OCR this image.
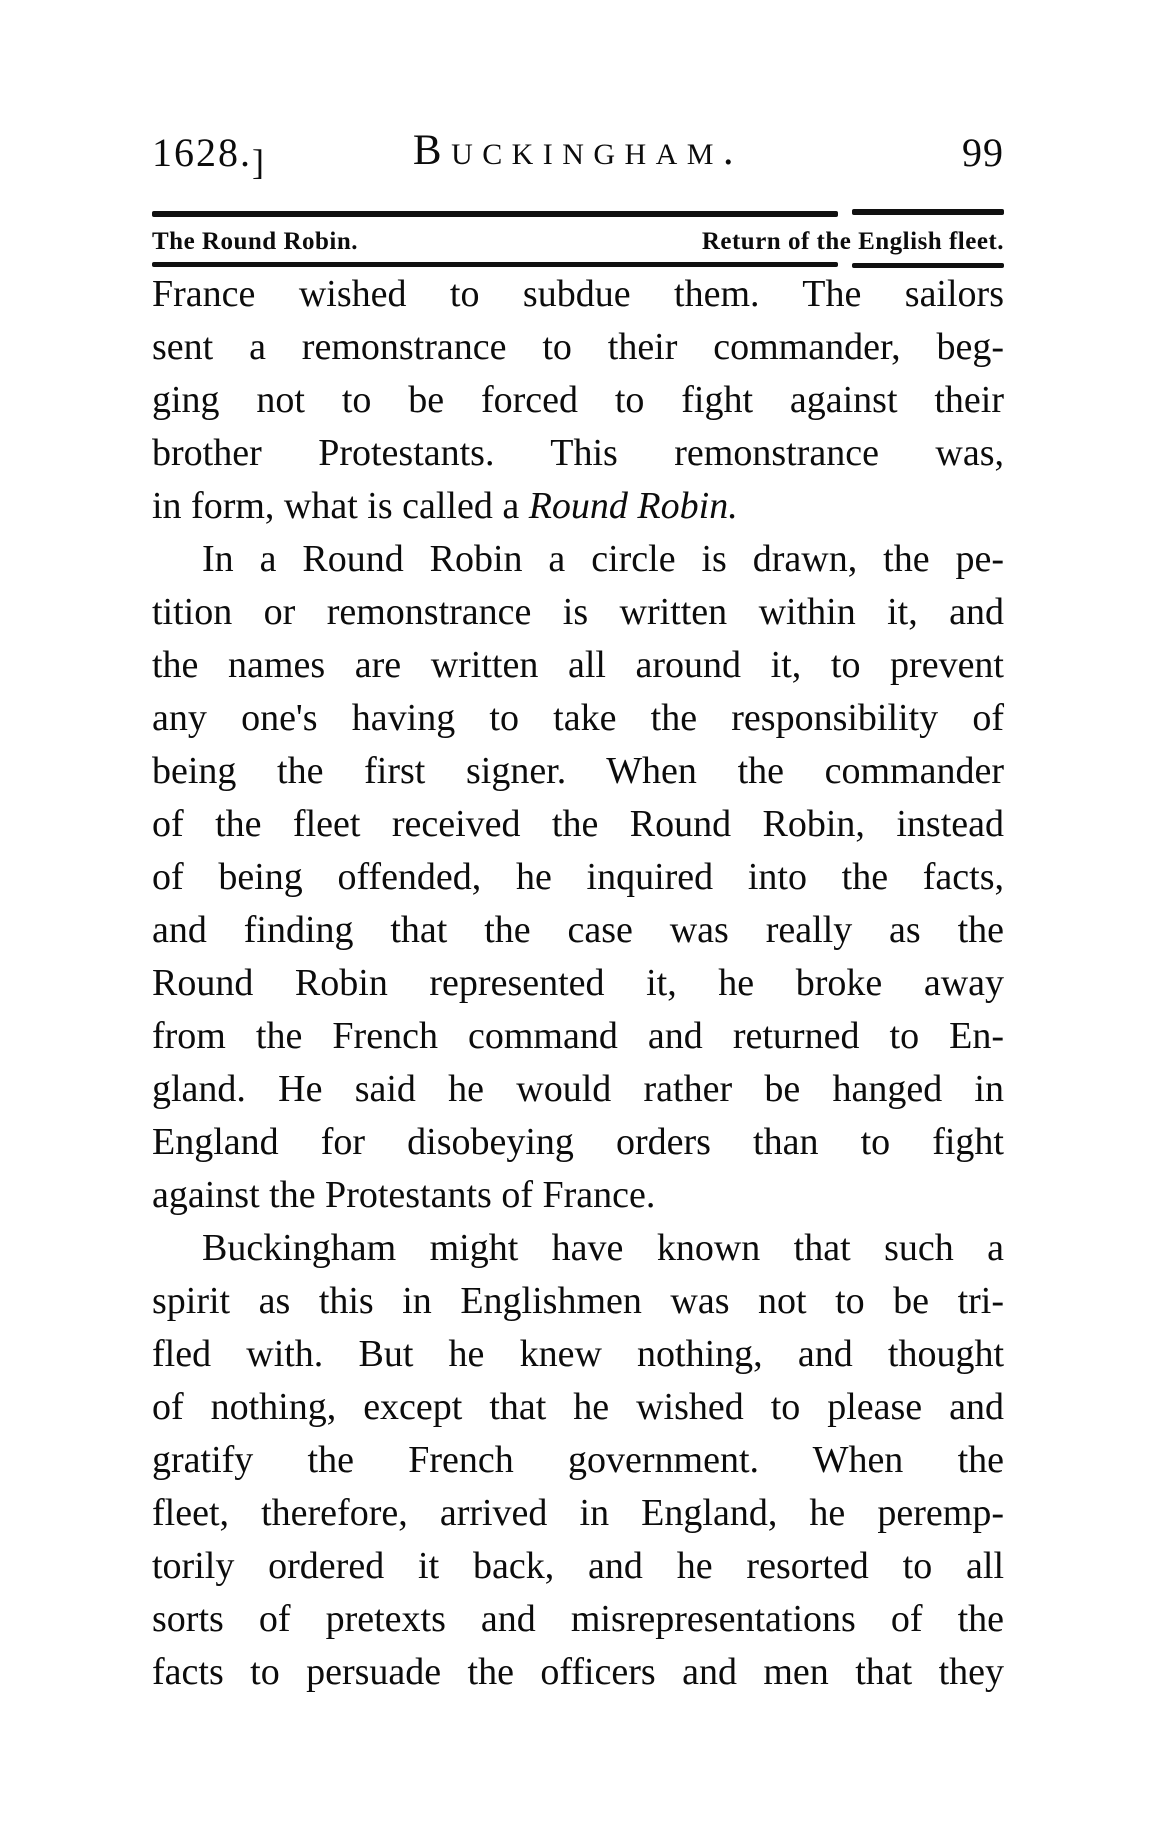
1628.]	Buckingham.	99
The Round Robin.	Return of the English fleet.
France wished to subdue them. The sailors
sent a remonstrance to their commander, beg-
ging not to be forced to fight against their
brother Protestants. This remonstrance was,
in form, what is called a Round Robin.
In a Round Robin a circle is drawn, the pe-
tition or remonstrance is written within it, and
the names are written all around it, to prevent
any one's having to take the responsibility of
being the first signer. When the commander
of the fleet received the Round Robin, instead
of being offended, he inquired into the facts,
and finding that the case was really as the
Round Robin represented it, he broke away
from the French command and returned to En-
gland. He said he would rather be hanged in
England for disobeying orders than to fight
against the Protestants of France.
Buckingham might have known that such a
spirit as this in Englishmen was not to be tri-
fled with. But he knew nothing, and thought
of nothing, except that he wished to please and
gratify the French government. When the
fleet, therefore, arrived in England, he peremp-
torily ordered it back, and he resorted to all
sorts of pretexts and misrepresentations of the
facts to persuade the officers and men that they
